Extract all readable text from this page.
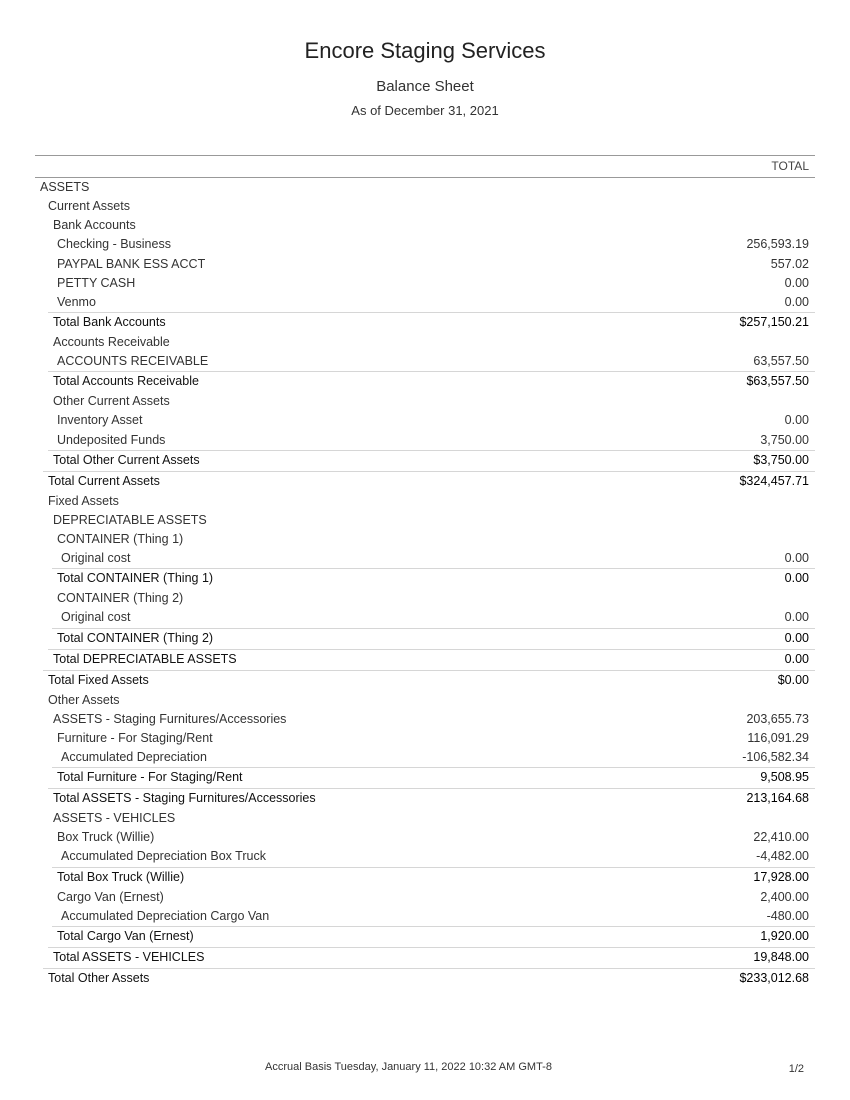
Encore Staging Services
Balance Sheet
As of December 31, 2021
TOTAL
ASSETS
Current Assets
Bank Accounts
Checking - Business	256,593.19
PAYPAL BANK ESS ACCT	557.02
PETTY CASH	0.00
Venmo	0.00
Total Bank Accounts	$257,150.21
Accounts Receivable
ACCOUNTS RECEIVABLE	63,557.50
Total Accounts Receivable	$63,557.50
Other Current Assets
Inventory Asset	0.00
Undeposited Funds	3,750.00
Total Other Current Assets	$3,750.00
Total Current Assets	$324,457.71
Fixed Assets
DEPRECIATABLE ASSETS
CONTAINER (Thing 1)
Original cost	0.00
Total CONTAINER (Thing 1)	0.00
CONTAINER (Thing 2)
Original cost	0.00
Total CONTAINER (Thing 2)	0.00
Total DEPRECIATABLE ASSETS	0.00
Total Fixed Assets	$0.00
Other Assets
ASSETS - Staging Furnitures/Accessories	203,655.73
Furniture - For Staging/Rent	116,091.29
Accumulated Depreciation	-106,582.34
Total Furniture - For Staging/Rent	9,508.95
Total ASSETS - Staging Furnitures/Accessories	213,164.68
ASSETS - VEHICLES
Box Truck (Willie)	22,410.00
Accumulated Depreciation Box Truck	-4,482.00
Total Box Truck (Willie)	17,928.00
Cargo Van (Ernest)	2,400.00
Accumulated Depreciation Cargo Van	-480.00
Total Cargo Van (Ernest)	1,920.00
Total ASSETS - VEHICLES	19,848.00
Total Other Assets	$233,012.68
Accrual Basis Tuesday, January 11, 2022 10:32 AM GMT-8	1/2
